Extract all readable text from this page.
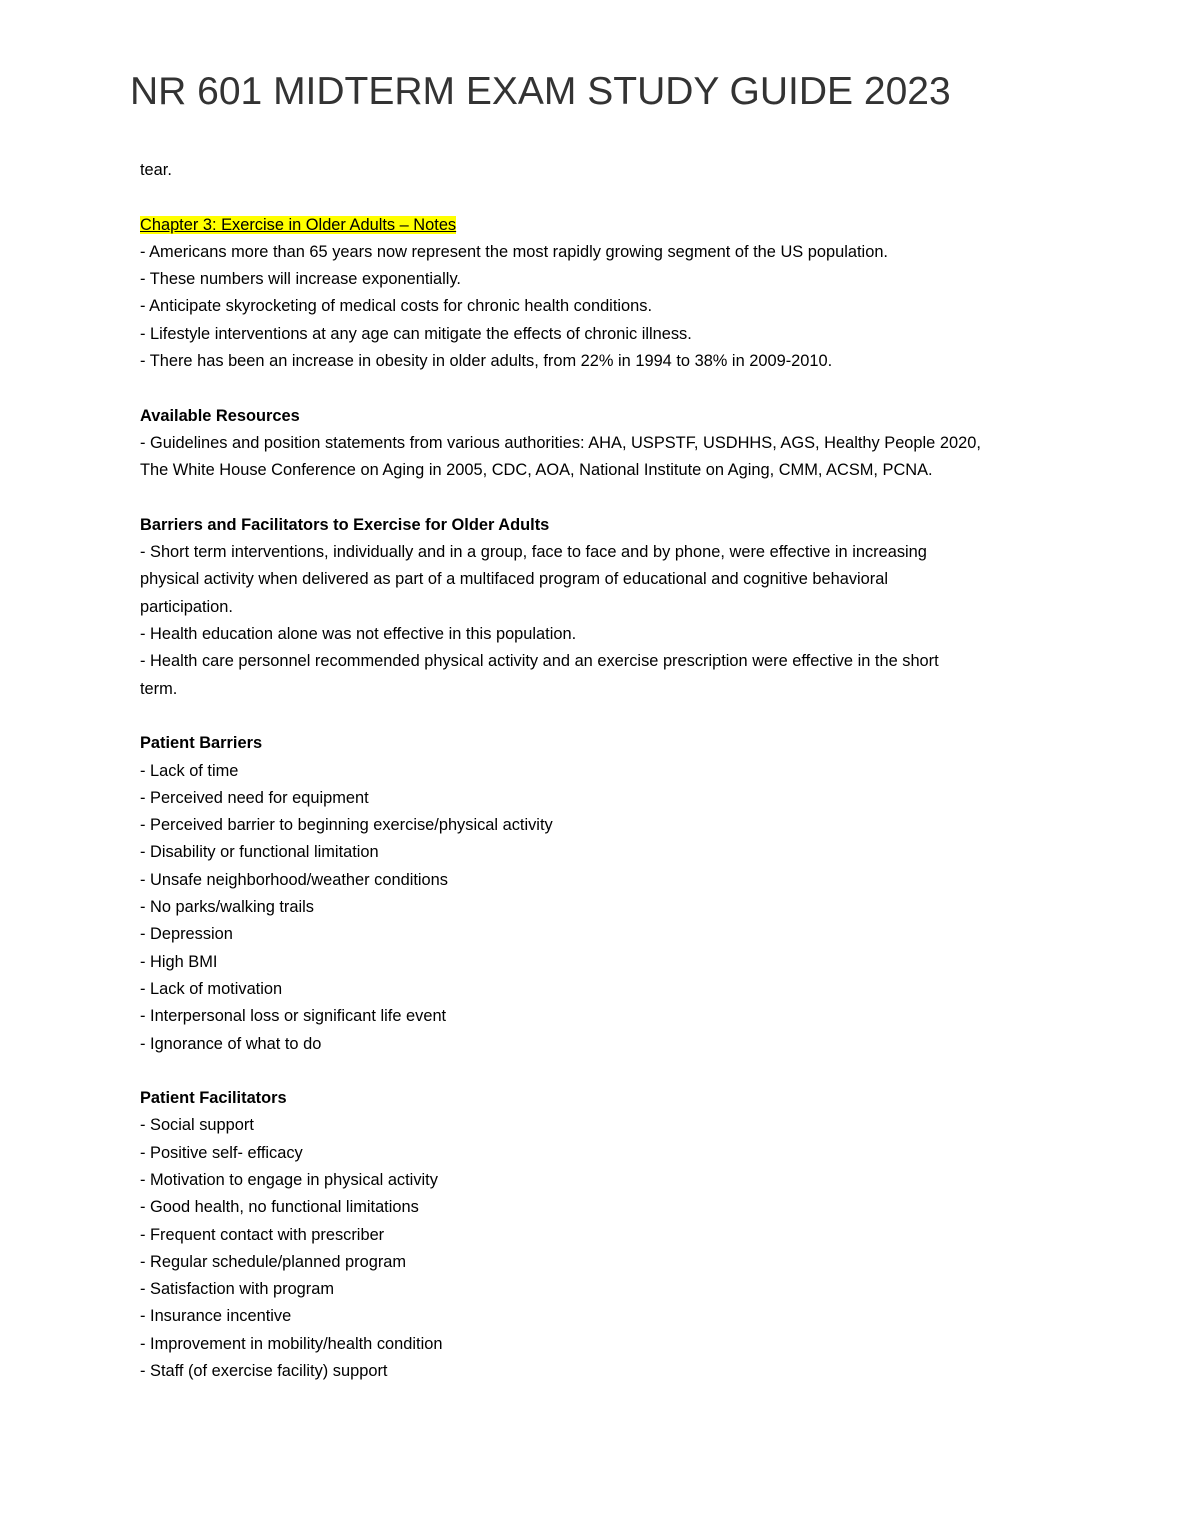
NR 601 MIDTERM EXAM STUDY GUIDE 2023
tear.
Chapter 3: Exercise in Older Adults – Notes
- Americans more than 65 years now represent the most rapidly growing segment of the US population.
- These numbers will increase exponentially.
- Anticipate skyrocketing of medical costs for chronic health conditions.
- Lifestyle interventions at any age can mitigate the effects of chronic illness.
- There has been an increase in obesity in older adults, from 22% in 1994 to 38% in 2009-2010.
Available Resources
- Guidelines and position statements from various authorities: AHA, USPSTF, USDHHS, AGS, Healthy People 2020,
The White House Conference on Aging in 2005, CDC, AOA, National Institute on Aging, CMM, ACSM, PCNA.
Barriers and Facilitators to Exercise for Older Adults
- Short term interventions, individually and in a group, face to face and by phone, were effective in increasing
physical activity when delivered as part of a multifaced program of educational and cognitive behavioral
participation.
- Health education alone was not effective in this population.
- Health care personnel recommended physical activity and an exercise prescription were effective in the short
term.
Patient Barriers
- Lack of time
- Perceived need for equipment
- Perceived barrier to beginning exercise/physical activity
- Disability or functional limitation
- Unsafe neighborhood/weather conditions
- No parks/walking trails
- Depression
- High BMI
- Lack of motivation
- Interpersonal loss or significant life event
- Ignorance of what to do
Patient Facilitators
- Social support
- Positive self- efficacy
- Motivation to engage in physical activity
- Good health, no functional limitations
- Frequent contact with prescriber
- Regular schedule/planned program
- Satisfaction with program
- Insurance incentive
- Improvement in mobility/health condition
- Staff (of exercise facility) support
